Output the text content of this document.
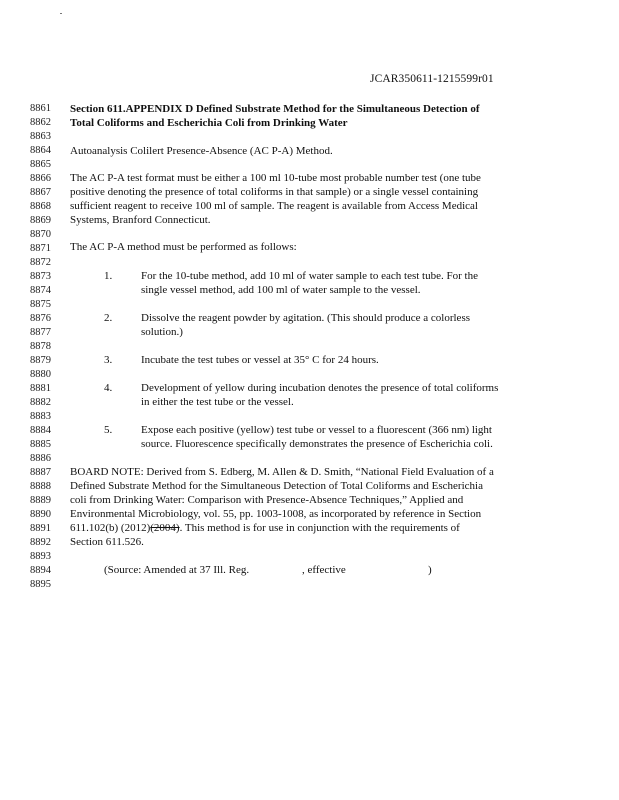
JCAR350611-1215599r01
8861
8862
8863
8864
8865
8866
8867
8868
8869
8870
8871
8872
8873
8874
8875
8876
8877
8878
8879
8880
8881
8882
8883
8884
8885
8886
8887
8888
8889
8890
8891
8892
8893
8894
8895
Section 611.APPENDIX D Defined Substrate Method for the Simultaneous Detection of
Total Coliforms and Escherichia Coli from Drinking Water
Autoanalysis Colilert Presence-Absence (AC P-A) Method.
The AC P-A test format must be either a 100 ml 10-tube most probable number test (one tube
positive denoting the presence of total coliforms in that sample) or a single vessel containing
sufficient reagent to receive 100 ml of sample. The reagent is available from Access Medical
Systems, Branford Connecticut.
The AC P-A method must be performed as follows:
1.	For the 10-tube method, add 10 ml of water sample to each test tube. For the
single vessel method, add 100 ml of water sample to the vessel.
2.	Dissolve the reagent powder by agitation. (This should produce a colorless
solution.)
3.	Incubate the test tubes or vessel at 35° C for 24 hours.
4.	Development of yellow during incubation denotes the presence of total coliforms
in either the test tube or the vessel.
5.	Expose each positive (yellow) test tube or vessel to a fluorescent (366 nm) light
source. Fluorescence specifically demonstrates the presence of Escherichia coli.
BOARD NOTE: Derived from S. Edberg, M. Allen & D. Smith, “National Field Evaluation of a
Defined Substrate Method for the Simultaneous Detection of Total Coliforms and Escherichia
coli from Drinking Water: Comparison with Presence-Absence Techniques,” Applied and
Environmental Microbiology, vol. 55, pp. 1003-1008, as incorporated by reference in Section
611.102(b) (2012)(2004). This method is for use in conjunction with the requirements of
Section 611.526.
(Source: Amended at 37 Ill. Reg.	, effective	)
